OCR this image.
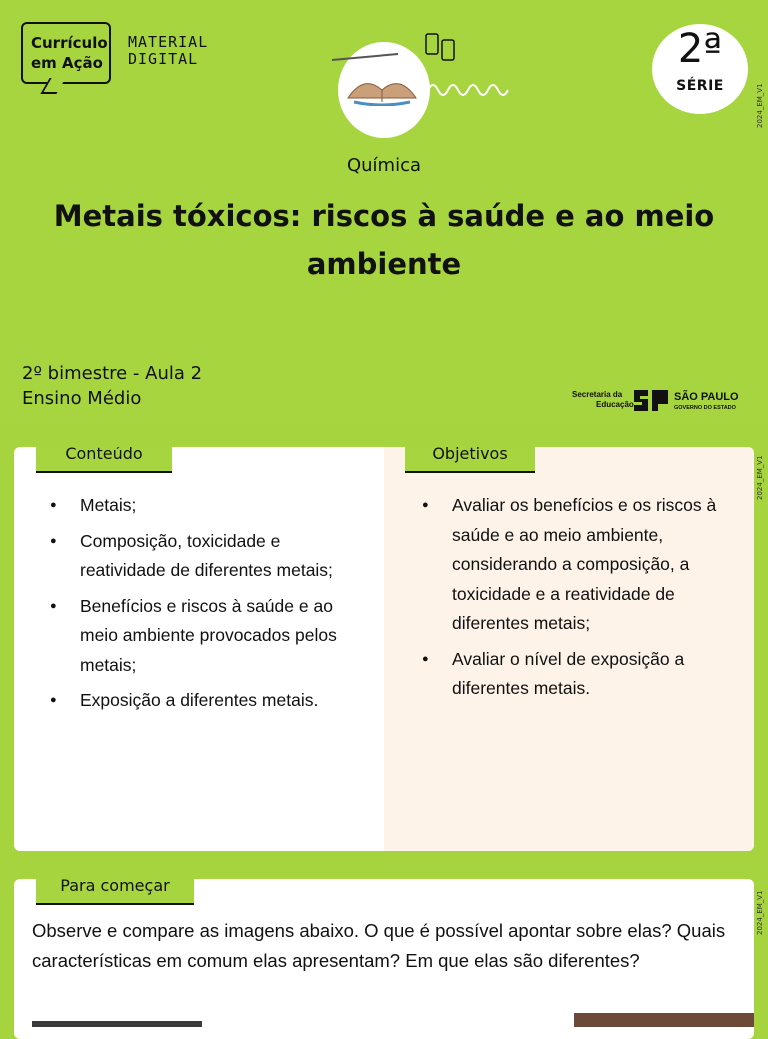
Currículo
em Ação
MATERIAL
DIGITAL	2ª
SÉRIE	2024_EM_V1
Química
Metais tóxicos: riscos à saúde e ao meio ambiente
2º bimestre - Aula 2
Ensino Médio	Secretaria da
Educação
SÃO PAULO
GOVERNO DO ESTADO
Conteúdo
● Metais;
● Composição, toxicidade e reatividade de diferentes metais;
● Benefícios e riscos à saúde e ao meio ambiente provocados pelos metais;
● Exposição a diferentes metais.
Objetivos
● Avaliar os benefícios e os riscos à saúde e ao meio ambiente, considerando a composição, a toxicidade e a reatividade de diferentes metais;
● Avaliar o nível de exposição a diferentes metais.
2024_EM_V1
Para começar
Observe e compare as imagens abaixo. O que é possível apontar sobre elas? Quais características em comum elas apresentam? Em que elas são diferentes?
2024_EM_V1
